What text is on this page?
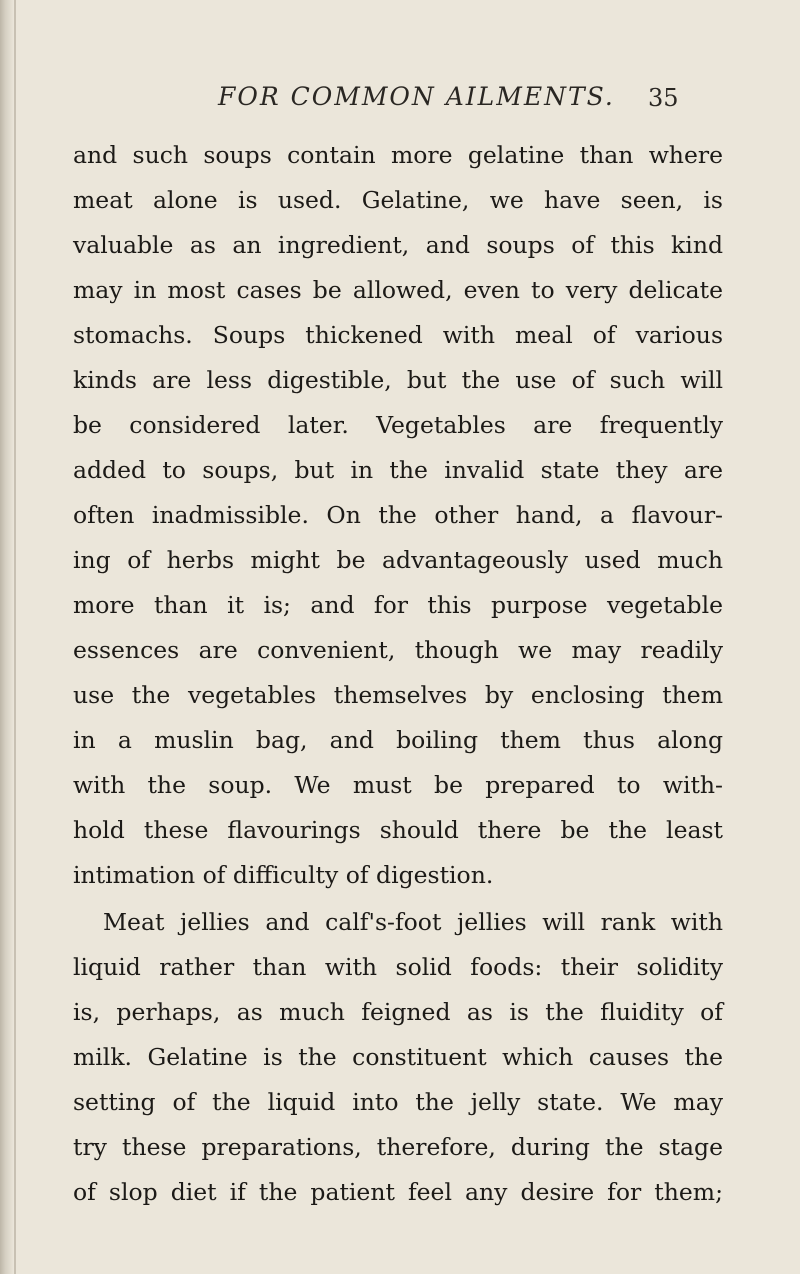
FOR COMMON AILMENTS. 35
and such soups contain more gelatine than where
meat alone is used. Gelatine, we have seen, is
valuable as an ingredient, and soups of this kind
may in most cases be allowed, even to very delicate
stomachs. Soups thickened with meal of various
kinds are less digestible, but the use of such will
be considered later. Vegetables are frequently
added to soups, but in the invalid state they are
often inadmissible. On the other hand, a flavour-
ing of herbs might be advantageously used much
more than it is; and for this purpose vegetable
essences are convenient, though we may readily
use the vegetables themselves by enclosing them
in a muslin bag, and boiling them thus along
with the soup. We must be prepared to with-
hold these flavourings should there be the least
intimation of difficulty of digestion.
Meat jellies and calf's-foot jellies will rank with
liquid rather than with solid foods: their solidity
is, perhaps, as much feigned as is the fluidity of
milk. Gelatine is the constituent which causes the
setting of the liquid into the jelly state. We may
try these preparations, therefore, during the stage
of slop diet if the patient feel any desire for them;
